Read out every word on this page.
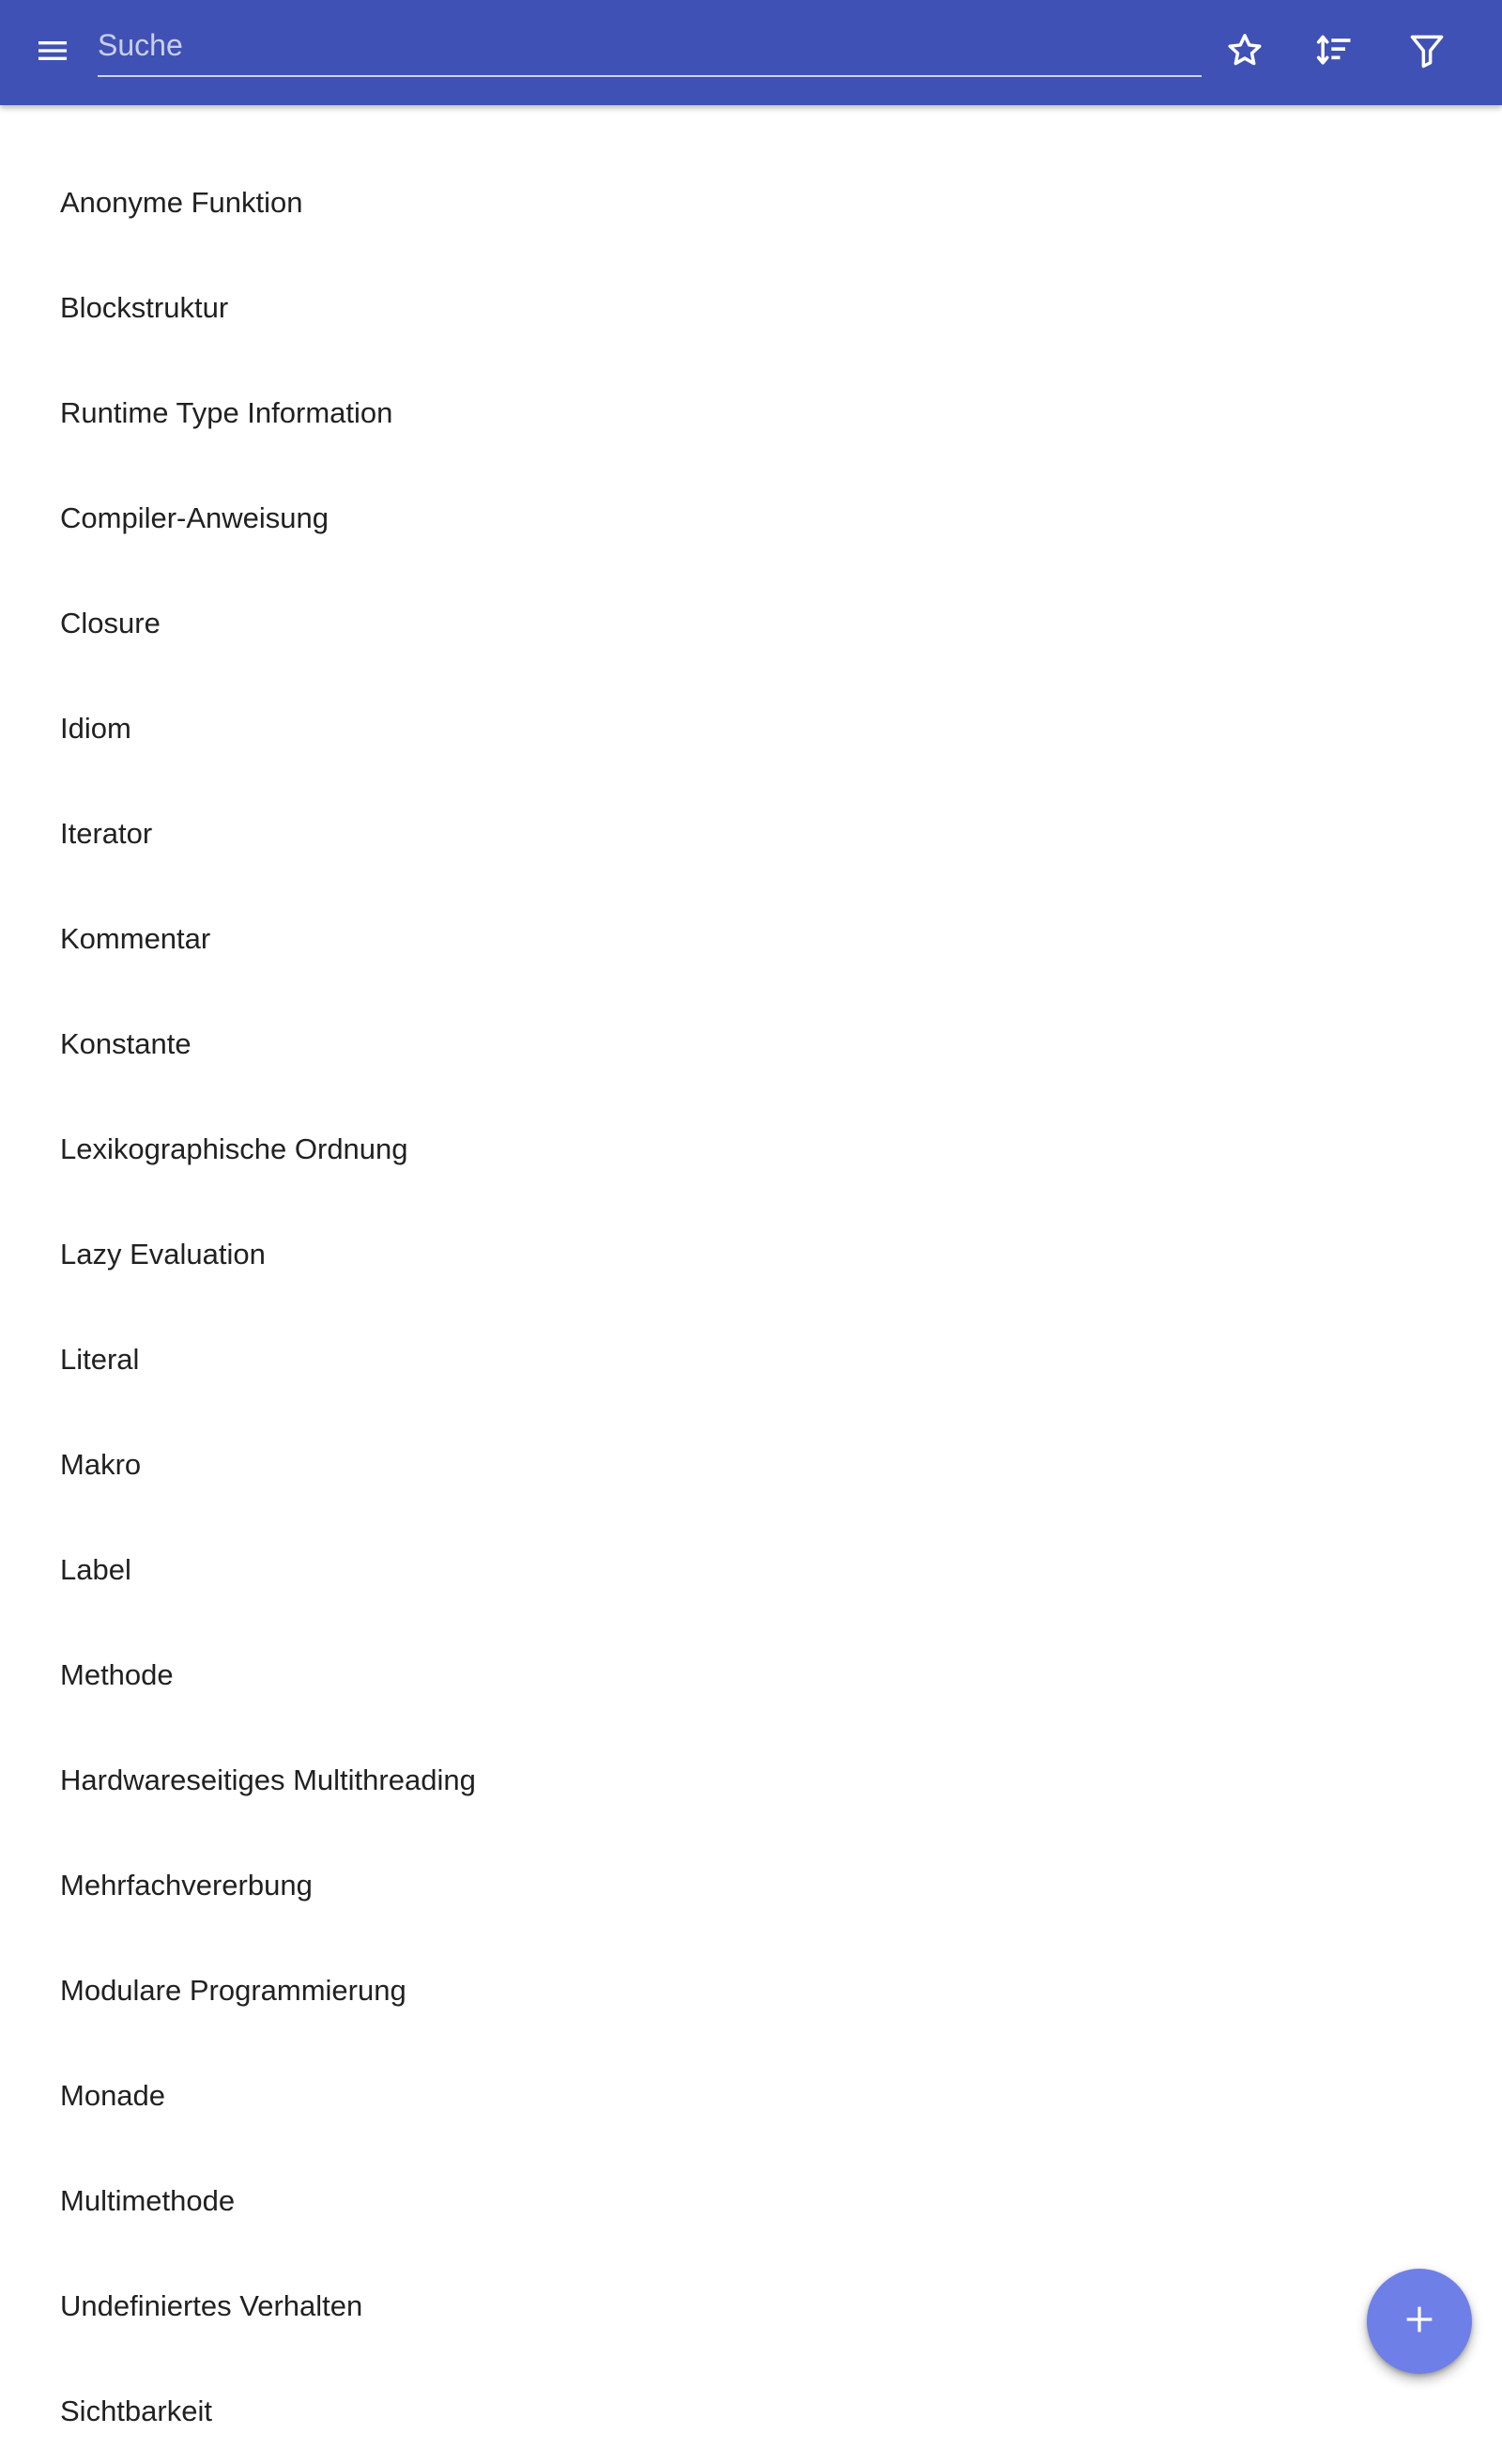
Suche
Anonyme Funktion
Blockstruktur
Runtime Type Information
Compiler-Anweisung
Closure
Idiom
Iterator
Kommentar
Konstante
Lexikographische Ordnung
Lazy Evaluation
Literal
Makro
Label
Methode
Hardwareseitiges Multithreading
Mehrfachvererbung
Modulare Programmierung
Monade
Multimethode
Undefiniertes Verhalten
Sichtbarkeit
